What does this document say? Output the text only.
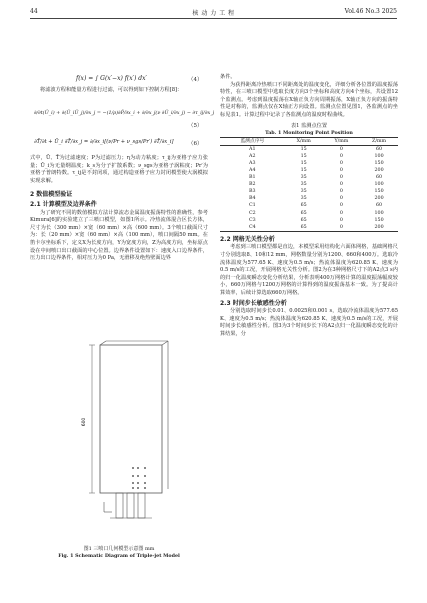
44	核 动 力 工 程	Vol.46 No.3 2025
f(x) = ∫ G(x′−x) f(x′) dx′	（4）

将滤波方程和能量方程进行过滤，可以得到如下控制方程[8]：

∂/∂t(Ū_i) + ∂(Ū_iŪ_j)/∂x_j = −(1/ρ)∂P̄/∂x_i + ∂/∂x_j(ν ∂Ū_i/∂x_j) − ∂τ_ij/∂x_j
（5）
∂T̄/∂t + Ū_i ∂T̄/∂x_j = ∂/∂x_i[(ν/Pr + ν_sgs/Pr′) ∂T̄/∂x_i]	（6）

式中，Ū、T̄为过滤速度；P为过滤压力；η为动力粘度；τ_ij为亚格子应力张量；Ū_i为无量纲温度；k_s为分子扩散系数；ν_sgs为亚格子涡粘度；Pr′为亚格子普朗特数。τ_ij是不封闭项，通过构造亚格子应力封闭模型使大涡模拟实现求解。

2 数值模型验证
2.1 计算模型及边界条件

为了研究不同的数值模拟方法计算流态金属温度振荡特性的准确性，参考Kimura[6]的实验建立了三喷口模型，如图1所示。冷热流体混合区长方体，尺寸为长（300 mm）×宽（60 mm）×高（600 mm）。3个喷口截面尺寸为：长（20 mm）×宽（60 mm）×高（100 mm），喷口间隔50 mm。在笛卡尔坐标系下，定义X为长度方向，Y为宽度方向，Z为高度方向，坐标原点设在中间喷口出口截面的中心位置。边界条件设置如下：速度入口边界条件，压力出口边界条件，相对压力为0 Pa，无滑移及绝热壁面边界

600
图1 三喷口几何模型示意图 mm
Fig. 1 Schematic Diagram of Triple-jet Model

条件。

为获得距离冷热喷口不同距离处的温度变化，详细分析各位置的温度振荡特性，在三喷口模型中选取长度方向3个坐标和高度方向4个坐标，共设置12个监测点。考虑到温度振荡在X轴正负方向周期振荡，X轴正负方向的振荡特性是对称的，监测点仅在X轴正方向设置。监测点位置见图1，各监测点的坐标见表1。计算过程中记录了各监测点的温度时程曲线。

表1 监测点位置
Tab. 1 Monitoring Point Position
监测点序号	X/mm	Y/mm	Z/mm
A1	15	0	60
A2	15	0	100
A3	15	0	150
A4	15	0	200
B1	35	0	60
B2	35	0	100
B3	35	0	150
B4	35	0	200
C1	65	0	60
C2	65	0	100
C3	65	0	150
C4	65	0	200
2.2 网格无关性分析

考虑到三喷口模型都是直边，本模型采用结构化六面体网格，基础网格尺寸分别选取8、10和12 mm，网格数量分别为1200、660和400万。选取冷流体温度为577.65 K、速度为0.5 m/s；热流体温度为620.85 K、速度为0.5 m/s的工况，开展网格无关性分析。图2为在3种网格尺寸下的A2点3 s内的归一化温度瞬态变化分析结果，分析表明400万网格计算的温度振荡幅度较小，660万网格与1200万网格的计算得到的温度振荡基本一致。为了提高计算效率，后续计算选取660万网格。

2.3 时间步长敏感性分析

分别选取时间步长0.01、0.0025和0.001 s，选取冷流体温度为577.65 K、速度为0.5 m/s；热流体温度为620.85 K、速度为0.5 m/s的工况，开展时间步长敏感性分析。图3为3个时间步长下的A2点归一化温度瞬态变化的计算结果，分
